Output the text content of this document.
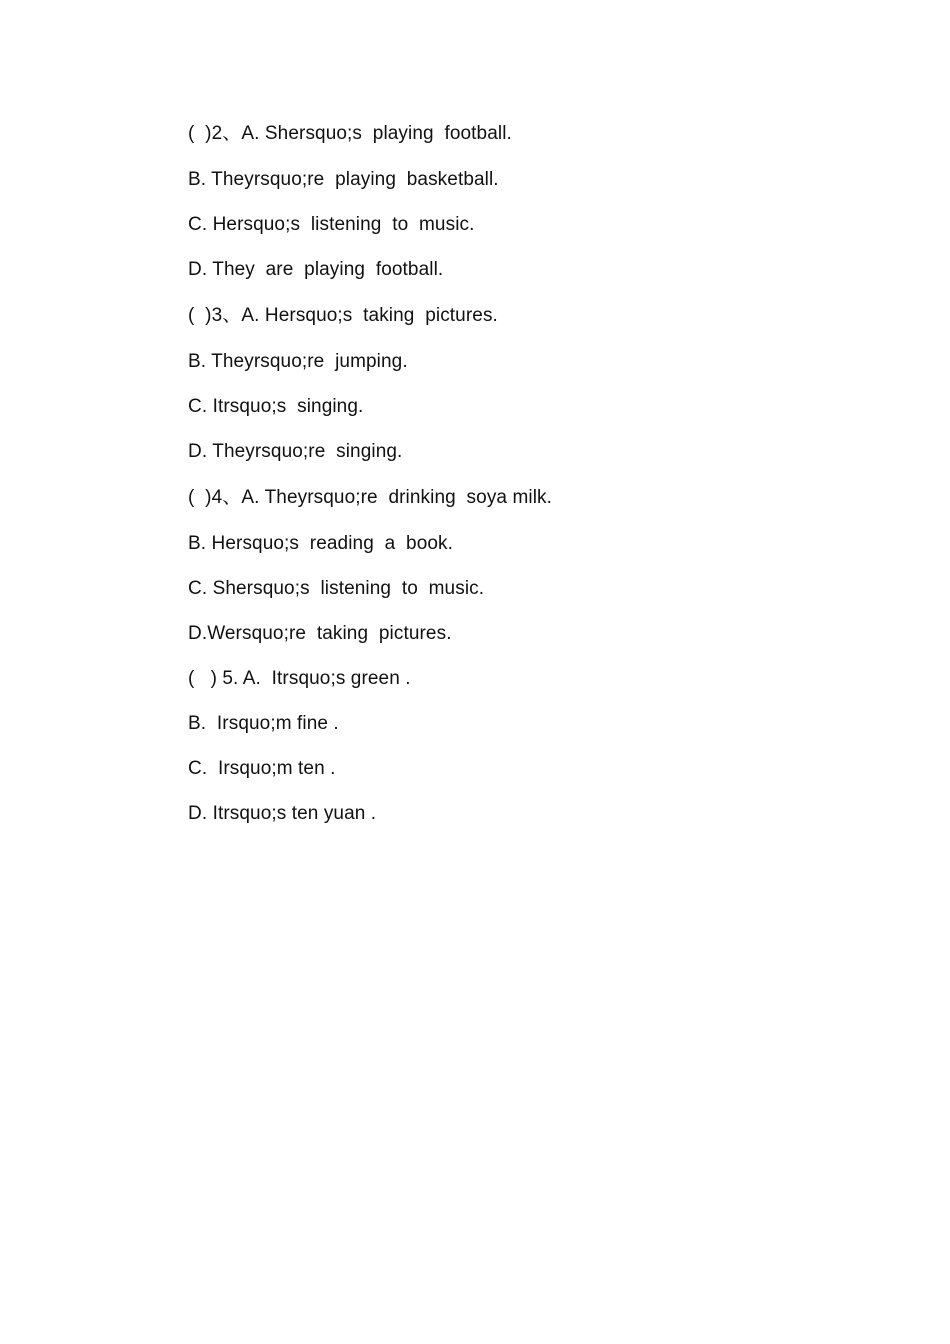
(  )2、A. Shersquo;s  playing  football.

B. Theyrsquo;re  playing  basketball.

C. Hersquo;s  listening  to  music.

D. They  are  playing  football.

(  )3、A. Hersquo;s  taking  pictures.

B. Theyrsquo;re  jumping.

C. Itrsquo;s  singing.

D. Theyrsquo;re  singing.

(  )4、A. Theyrsquo;re  drinking  soya milk.

B. Hersquo;s  reading  a  book.

C. Shersquo;s  listening  to  music.

D.Wersquo;re  taking  pictures.

(   ) 5. A.  Itrsquo;s green .

B.  Irsquo;m fine .

C.  Irsquo;m ten .

D. Itrsquo;s ten yuan .
